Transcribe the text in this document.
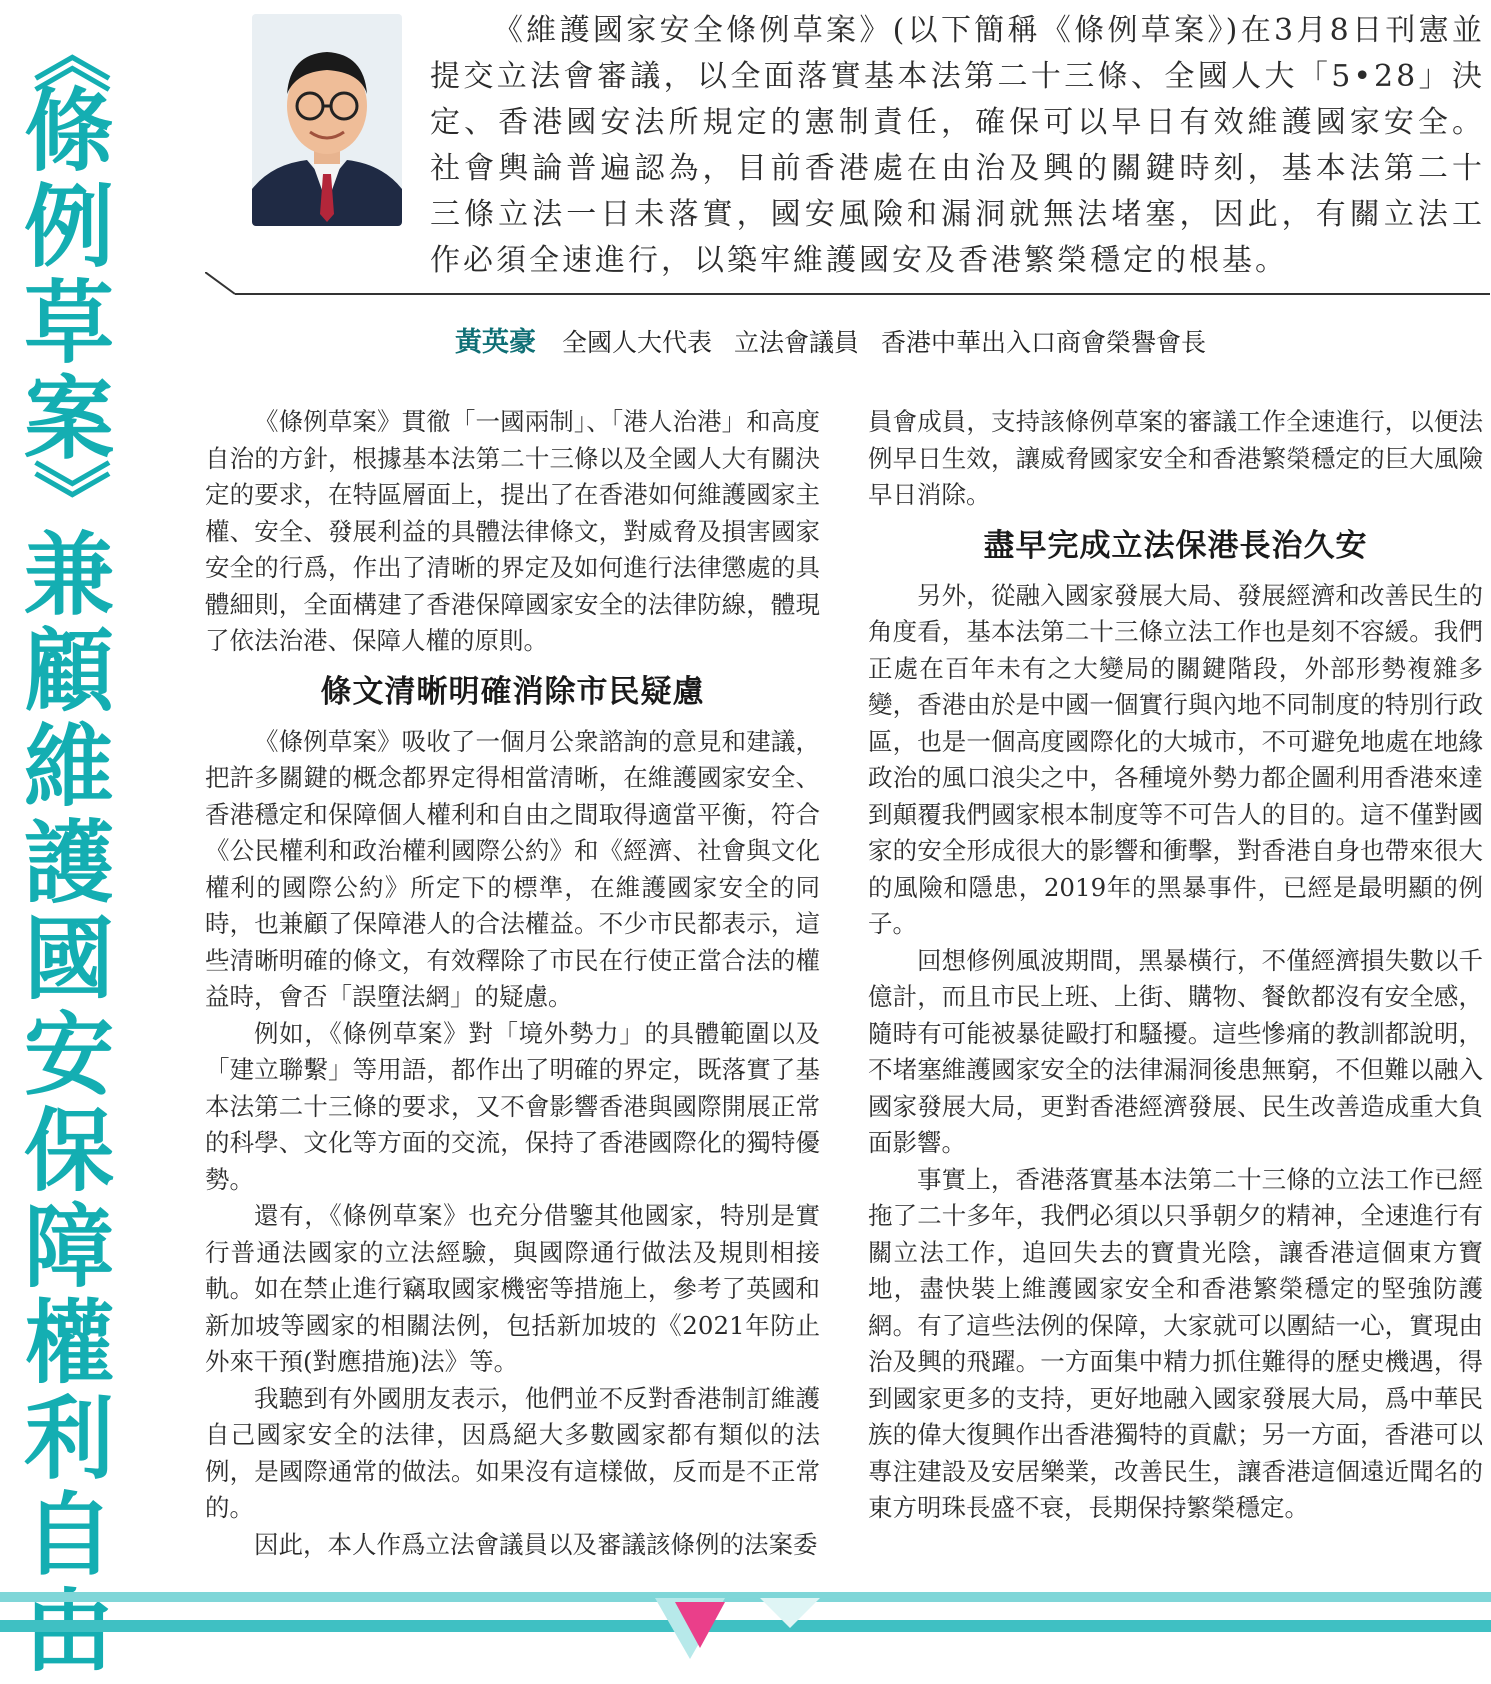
《
條
例
草
案
》
兼
顧
維
護
國
安
保
障
權
利
自

《維護國家安全條例草案》(以下簡稱《條例草案》)在3月8日刊憲並提交立法會審議，以全面落實基本法第二十三條、全國人大「5•28」決定、香港國安法所規定的憲制責任，確保可以早日有效維護國家安全。社會輿論普遍認為，目前香港處在由治及興的關鍵時刻，基本法第二十三條立法一日未落實，國安風險和漏洞就無法堵塞，因此，有關立法工作必須全速進行，以築牢維護國安及香港繁榮穩定的根基。

黃英豪 全國人大代表 立法會議員 香港中華出入口商會榮譽會長

《條例草案》貫徹「一國兩制」、「港人治港」和高度自治的方針，根據基本法第二十三條以及全國人大有關決定的要求，在特區層面上，提出了在香港如何維護國家主權、安全、發展利益的具體法律條文，對威脅及損害國家安全的行爲，作出了清晰的界定及如何進行法律懲處的具體細則，全面構建了香港保障國家安全的法律防線，體現了依法治港、保障人權的原則。

條文清晰明確消除市民疑慮

《條例草案》吸收了一個月公衆諮詢的意見和建議，把許多關鍵的概念都界定得相當清晰，在維護國家安全、香港穩定和保障個人權利和自由之間取得適當平衡，符合《公民權利和政治權利國際公約》和《經濟、社會與文化權利的國際公約》所定下的標準，在維護國家安全的同時，也兼顧了保障港人的合法權益。不少市民都表示，這些清晰明確的條文，有效釋除了市民在行使正當合法的權益時，會否「誤墮法網」的疑慮。

例如，《條例草案》對「境外勢力」的具體範圍以及「建立聯繫」等用語，都作出了明確的界定，既落實了基本法第二十三條的要求，又不會影響香港與國際開展正常的科學、文化等方面的交流，保持了香港國際化的獨特優勢。

還有，《條例草案》也充分借鑒其他國家，特別是實行普通法國家的立法經驗，與國際通行做法及規則相接軌。如在禁止進行竊取國家機密等措施上，參考了英國和新加坡等國家的相關法例，包括新加坡的《2021年防止外來干預(對應措施)法》等。

我聽到有外國朋友表示，他們並不反對香港制訂維護自己國家安全的法律，因爲絕大多數國家都有類似的法例，是國際通常的做法。如果沒有這樣做，反而是不正常的。

因此，本人作爲立法會議員以及審議該條例的法案委

員會成員，支持該條例草案的審議工作全速進行，以便法例早日生效，讓威脅國家安全和香港繁榮穩定的巨大風險早日消除。

盡早完成立法保港長治久安

另外，從融入國家發展大局、發展經濟和改善民生的角度看，基本法第二十三條立法工作也是刻不容緩。我們正處在百年未有之大變局的關鍵階段，外部形勢複雜多變，香港由於是中國一個實行與內地不同制度的特別行政區，也是一個高度國際化的大城市，不可避免地處在地緣政治的風口浪尖之中，各種境外勢力都企圖利用香港來達到顛覆我們國家根本制度等不可告人的目的。這不僅對國家的安全形成很大的影響和衝擊，對香港自身也帶來很大的風險和隱患，2019年的黑暴事件，已經是最明顯的例子。

回想修例風波期間，黑暴橫行，不僅經濟損失數以千億計，而且市民上班、上街、購物、餐飲都沒有安全感，隨時有可能被暴徒毆打和騷擾。這些慘痛的教訓都說明，不堵塞維護國家安全的法律漏洞後患無窮，不但難以融入國家發展大局，更對香港經濟發展、民生改善造成重大負面影響。

事實上，香港落實基本法第二十三條的立法工作已經拖了二十多年，我們必須以只爭朝夕的精神，全速進行有關立法工作，追回失去的寶貴光陰，讓香港這個東方寶地，盡快裝上維護國家安全和香港繁榮穩定的堅強防護網。有了這些法例的保障，大家就可以團結一心，實現由治及興的飛躍。一方面集中精力抓住難得的歷史機遇，得到國家更多的支持，更好地融入國家發展大局，爲中華民族的偉大復興作出香港獨特的貢獻；另一方面，香港可以專注建設及安居樂業，改善民生，讓香港這個遠近聞名的東方明珠長盛不衰，長期保持繁榮穩定。
